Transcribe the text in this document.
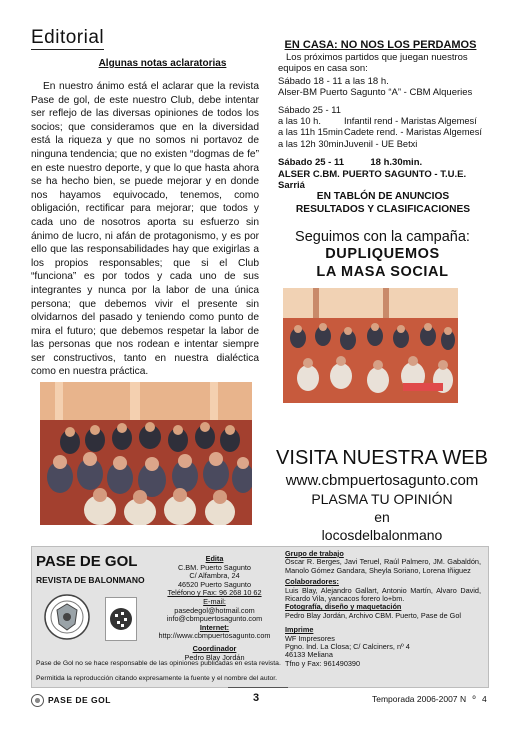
Editorial
Algunas notas aclaratorias

En nuestro ánimo está el aclarar que la revista Pase de gol, de este nuestro Club, debe intentar ser reflejo de las diversas opiniones de todos los socios; que consideramos que en la diversidad está la riqueza y que no somos ni portavoz de ninguna tendencia; que no existen “dogmas de fe” en este nuestro deporte, y que lo que hasta ahora se ha hecho bien, se puede mejorar y en donde nos hayamos equivocado, tenemos, como obligación, rectificar para mejorar; que todos y cada uno de nosotros aporta su esfuerzo sin ánimo de lucro, ni afán de protagonismo, y es por ello que las responsabilidades hay que exigirlas a los propios responsables; que si el Club “funciona” es por todos y cada uno de sus integrantes y nunca por la labor de una única persona; que debemos vivir el presente sin olvidarnos del pasado y teniendo como punto de mira el futuro; que debemos respetar la labor de las personas que nos rodean e intentar siempre ser constructivos, tanto en nuestra dialéctica como en nuestra práctica.

EN CASA: NO NOS LOS PERDAMOS
Los próximos partidos que juegan nuestros equipos en casa son:
Sábado 18 - 11 a las 18 h.
Alser-BM Puerto Sagunto “A” - CBM Alqueries
Sábado 25 - 11
a las 10 h. Infantil rend - Maristas Algemesí
a las 11h 15minCadete rend. - Maristas Algemesí
a las 12h 30minJuvenil - UE Betxi
Sábado 25 - 11          18 h.30min.
ALSER C.BM. PUERTO SAGUNTO - T.U.E. Sarriá
EN TABLÓN DE ANUNCIOS
RESULTADOS Y CLASIFICACIONES
Seguimos con la campaña:
DUPLIQUEMOS
LA MASA SOCIAL
VISITA NUESTRA WEB
www.cbmpuertosagunto.com
PLASMA TU OPINIÓN
en
locosdelbalonmano
PASE DE GOL
REVISTA DE BALONMANO
Edita
C.BM. Puerto Sagunto
C/ Alfambra, 24
46520 Puerto Sagunto
Teléfono y Fax: 96 268 10 62
E-mail:
pasedegol@hotmail.com
info@cbmpuertosagunto.com
Internet:
http://www.cbmpuertosagunto.com
Coordinador
Pedro Blay Jordán
Grupo de trabajo
Óscar R. Berges, Javi Teruel, Raúl Palmero, JM. Gabaldón, Manolo Gómez Gandara, Sheyla Soriano, Lorena Iñiguez
Colaboradores:
Luis Blay, Alejandro Gallart, Antonio Martín, Alvaro David, Ricardo Vila, yancacos forero lo+bm.
Fotografía, diseño y maquetación
Pedro Blay Jordán, Archivo CBM. Puerto, Pase de Gol
Imprime
WF Impresores
Pgno. Ind. La Closa; C/ Calciners, nº 4
46133 Meliana
Tfno y Fax: 961490390
Pase de Gol no se hace responsable de las opiniones publicadas en esta revista.
Permitida la reproducción citando expresamente la fuente y el nombre del autor.
PASE DE GOL	3	Temporada 2006-2007 N º 4
